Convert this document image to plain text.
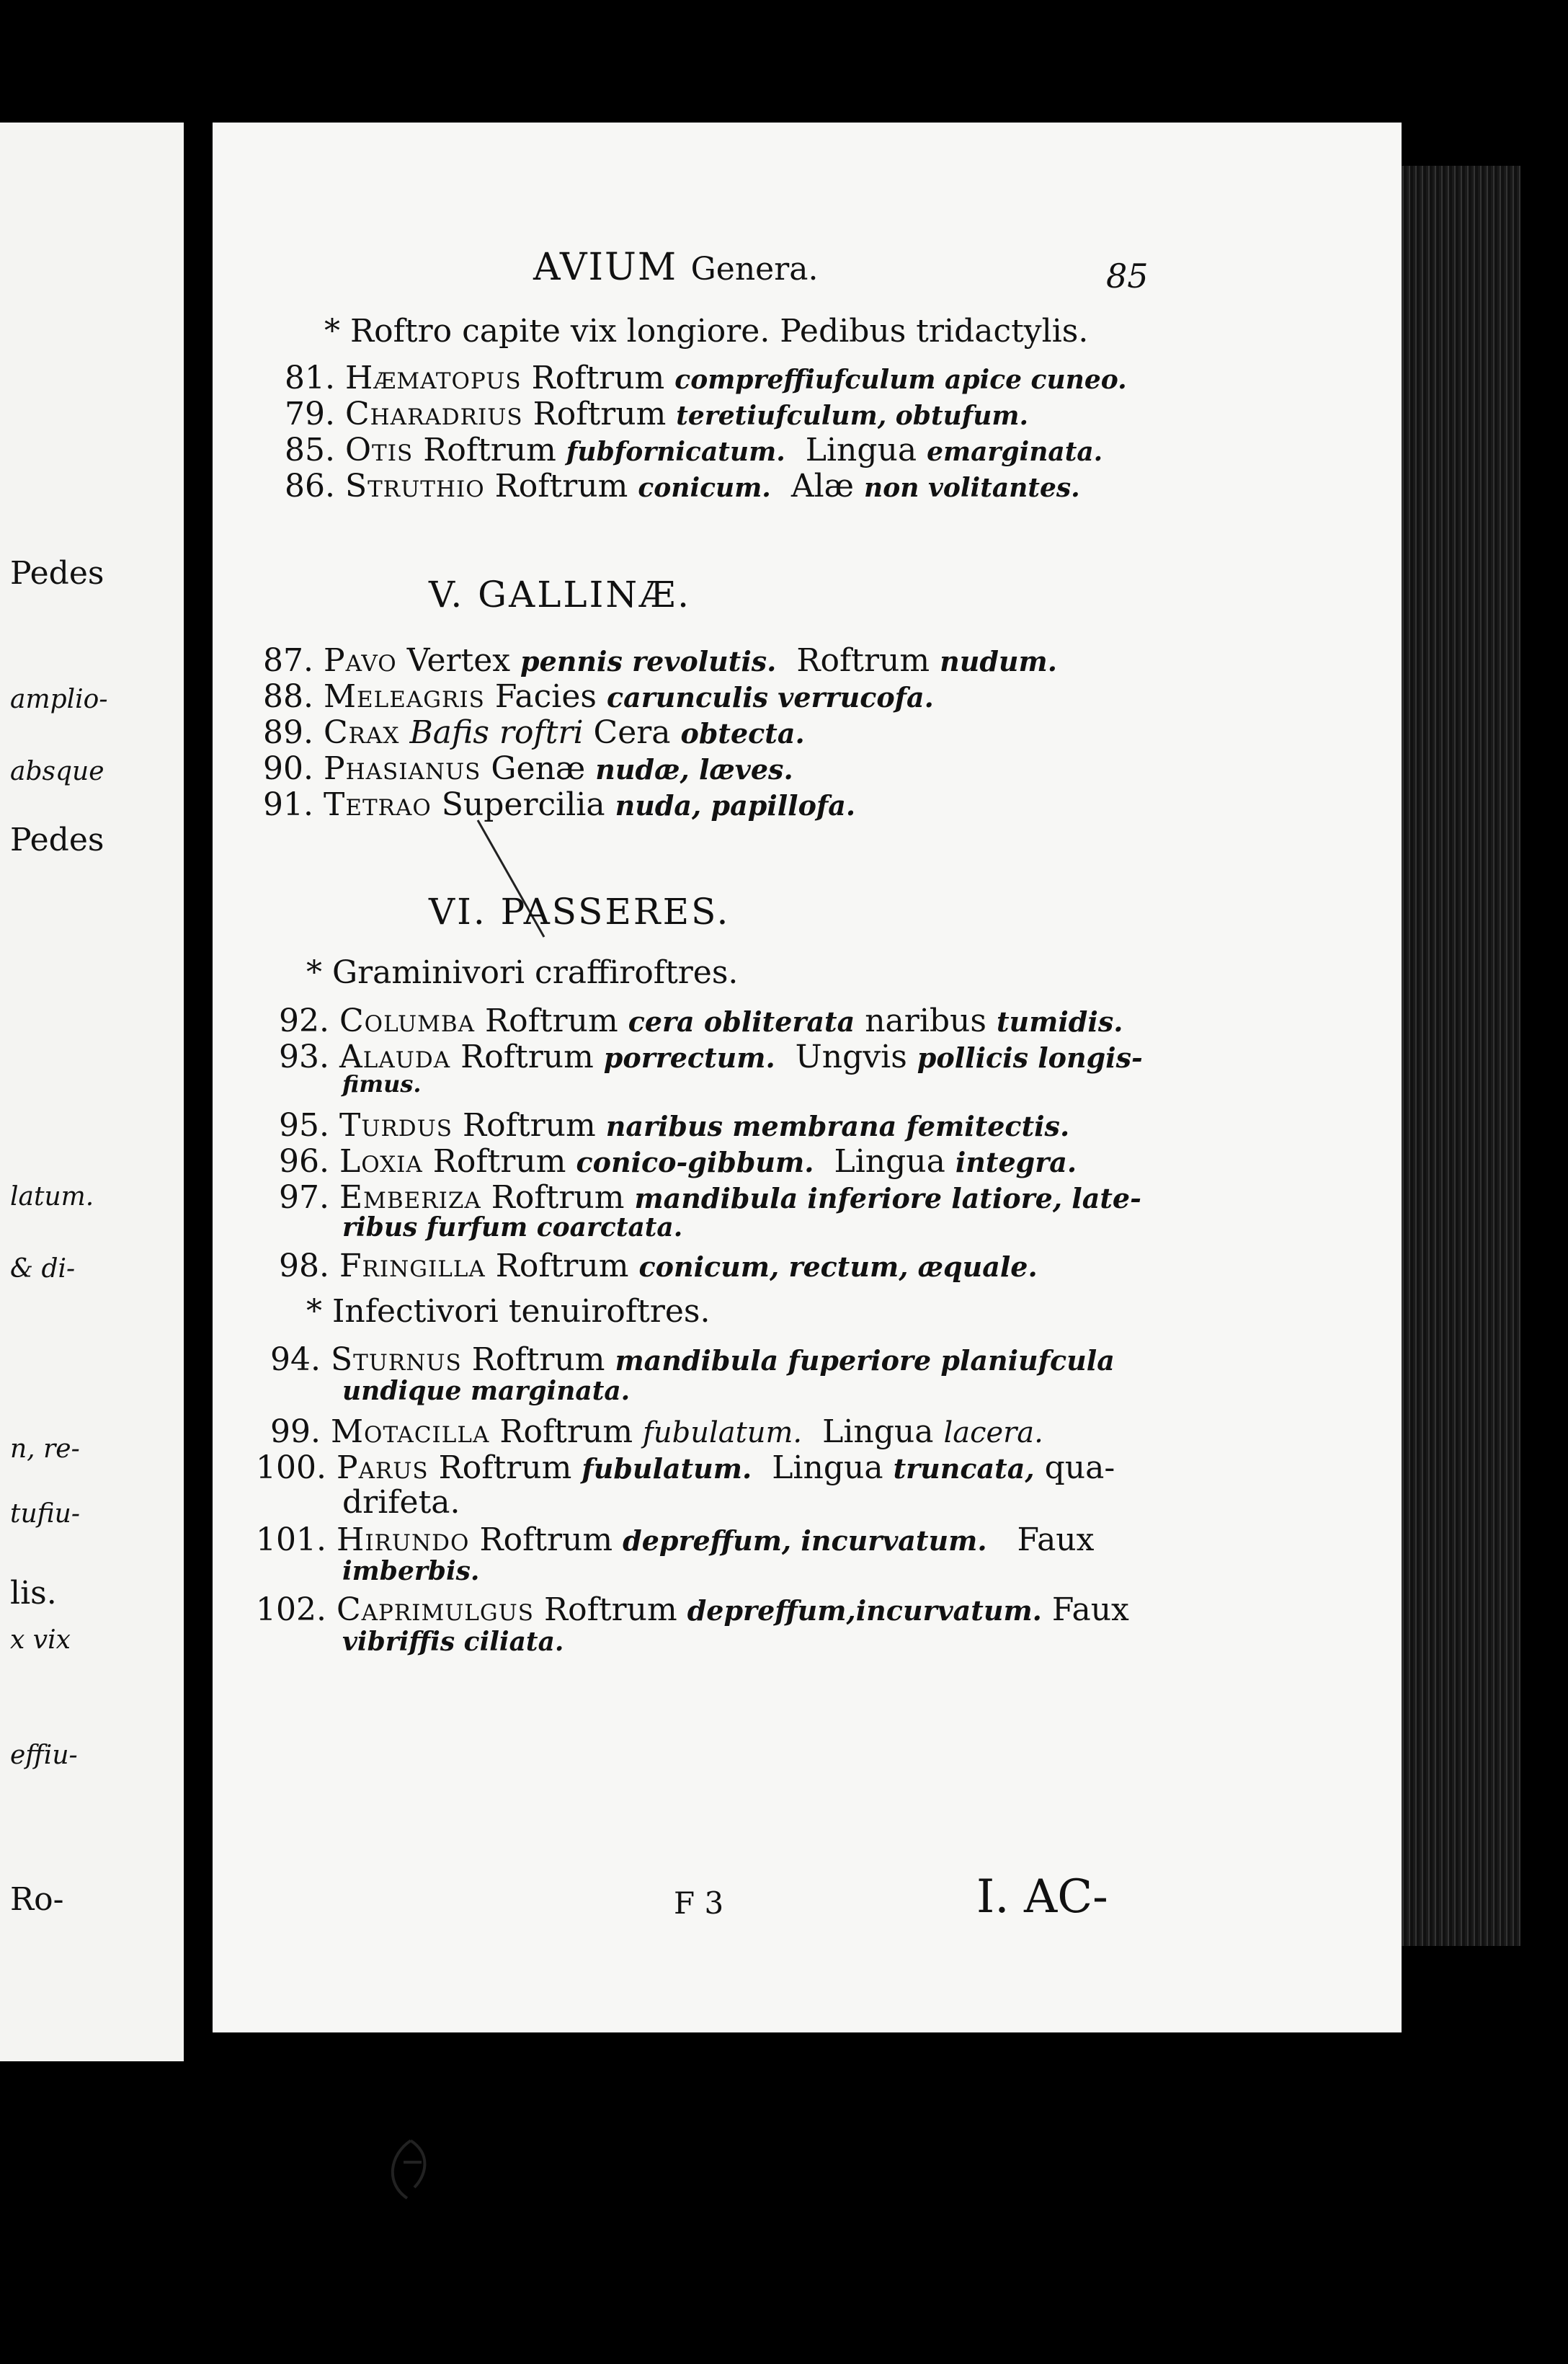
Pedes
amplio-
absque
Pedes
latum.
& di-
n, re-
tufiu-
lis.
x vix
effiu-
Ro-
AVIUM Genera.	85
* Roftro capite vix longiore. Pedibus tridactylis.
81. Hæmatopus Roftrum compreffiufculum apice cuneo.
79. Charadrius Roftrum teretiufculum, obtufum.
85. Otis Roftrum fubfornicatum. Lingua emarginata.
86. Struthio Roftrum conicum. Alæ non volitantes.
V. GALLINÆ.
87. Pavo Vertex pennis revolutis. Roftrum nudum.
88. Meleagris Facies carunculis verrucofa.
89. Crax Bafis roftri Cera obtecta.
90. Phasianus Genæ nudæ, læves.
91. Tetrao Supercilia nuda, papillofa.
VI. PASSERES.
* Graminivori craffiroftres.
92. Columba Roftrum cera obliterata naribus tumidis.
93. Alauda Roftrum porrectum. Ungvis pollicis longis-
fimus.
95. Turdus Roftrum naribus membrana femitectis.
96. Loxia Roftrum conico-gibbum. Lingua integra.
97. Emberiza Roftrum mandibula inferiore latiore, late-
ribus furfum coarctata.
98. Fringilla Roftrum conicum, rectum, æquale.
* Infectivori tenuiroftres.
94. Sturnus Roftrum mandibula fuperiore planiufcula
undique marginata.
99. Motacilla Roftrum fubulatum. Lingua lacera.
100. Parus Roftrum fubulatum. Lingua truncata, qua-
drifeta.
101. Hirundo Roftrum depreffum, incurvatum. Faux
imberbis.
102. Caprimulgus Roftrum depreffum,incurvatum. Faux
vibriffis ciliata.
F 3	I. AC-
